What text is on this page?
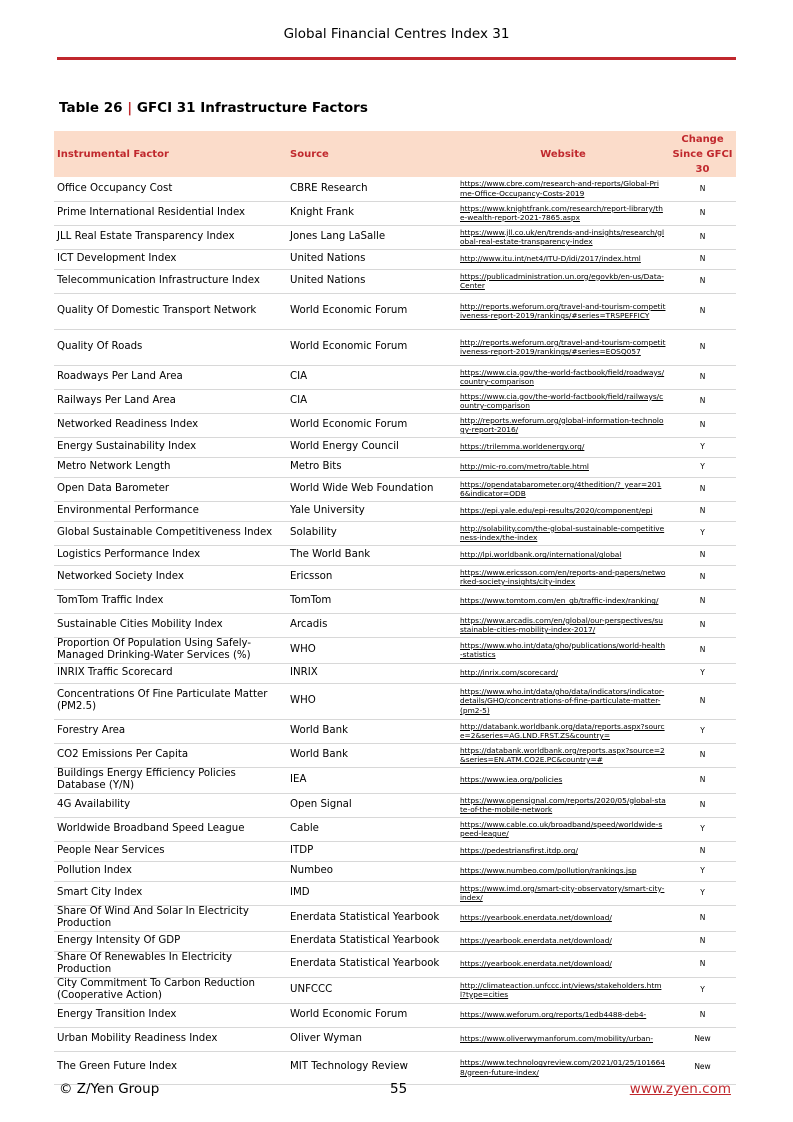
Global Financial Centres Index 31
Table 26 | GFCI 31 Infrastructure Factors
Instrumental Factor	Source	Website	Change Since GFCI 30
Office Occupancy Cost	CBRE Research	https://www.cbre.com/research-and-reports/Global-Prime-Office-Occupancy-Costs-2019	N
Prime International Residential Index	Knight Frank	https://www.knightfrank.com/research/report-library/the-wealth-report-2021-7865.aspx	N
JLL Real Estate Transparency Index	Jones Lang LaSalle	https://www.jll.co.uk/en/trends-and-insights/research/global-real-estate-transparency-index	N
ICT Development Index	United Nations	http://www.itu.int/net4/ITU-D/idi/2017/index.html	N
Telecommunication Infrastructure Index	United Nations	https://publicadministration.un.org/egovkb/en-us/Data-Center	N
Quality Of Domestic Transport Network	World Economic Forum	http://reports.weforum.org/travel-and-tourism-competitiveness-report-2019/rankings/#series=TRSPEFFICY	N
Quality Of Roads	World Economic Forum	http://reports.weforum.org/travel-and-tourism-competitiveness-report-2019/rankings/#series=EOSQ057	N
Roadways Per Land Area	CIA	https://www.cia.gov/the-world-factbook/field/roadways/country-comparison	N
Railways Per Land Area	CIA	https://www.cia.gov/the-world-factbook/field/railways/country-comparison	N
Networked Readiness Index	World Economic Forum	http://reports.weforum.org/global-information-technology-report-2016/	N
Energy Sustainability Index	World Energy Council	https://trilemma.worldenergy.org/	Y
Metro Network Length	Metro Bits	http://mic-ro.com/metro/table.html	Y
Open Data Barometer	World Wide Web Foundation	https://opendatabarometer.org/4thedition/?_year=2016&indicator=ODB	N
Environmental Performance	Yale University	https://epi.yale.edu/epi-results/2020/component/epi	N
Global Sustainable Competitiveness Index	Solability	http://solability.com/the-global-sustainable-competitiveness-index/the-index	Y
Logistics Performance Index	The World Bank	http://lpi.worldbank.org/international/global	N
Networked Society Index	Ericsson	https://www.ericsson.com/en/reports-and-papers/networked-society-insights/city-index	N
TomTom Traffic Index	TomTom	https://www.tomtom.com/en_gb/traffic-index/ranking/	N
Sustainable Cities Mobility Index	Arcadis	https://www.arcadis.com/en/global/our-perspectives/sustainable-cities-mobility-index-2017/	N
Proportion Of Population Using Safely-Managed Drinking-Water Services (%)	WHO	https://www.who.int/data/gho/publications/world-health-statistics	N
INRIX Traffic Scorecard	INRIX	http://inrix.com/scorecard/	Y
Concentrations Of Fine Particulate Matter (PM2.5)	WHO	https://www.who.int/data/gho/data/indicators/indicator-details/GHO/concentrations-of-fine-particulate-matter-(pm2-5)	N
Forestry Area	World Bank	http://databank.worldbank.org/data/reports.aspx?source=2&series=AG.LND.FRST.ZS&country=	Y
CO2 Emissions Per Capita	World Bank	https://databank.worldbank.org/reports.aspx?source=2&series=EN.ATM.CO2E.PC&country=#	N
Buildings Energy Efficiency Policies Database (Y/N)	IEA	https://www.iea.org/policies	N
4G Availability	Open Signal	https://www.opensignal.com/reports/2020/05/global-state-of-the-mobile-network	N
Worldwide Broadband Speed League	Cable	https://www.cable.co.uk/broadband/speed/worldwide-speed-league/	Y
People Near Services	ITDP	https://pedestriansfirst.itdp.org/	N
Pollution Index	Numbeo	https://www.numbeo.com/pollution/rankings.jsp	Y
Smart City Index	IMD	https://www.imd.org/smart-city-observatory/smart-city-index/	Y
Share Of Wind And Solar In Electricity Production	Enerdata Statistical Yearbook	https://yearbook.enerdata.net/download/	N
Energy Intensity Of GDP	Enerdata Statistical Yearbook	https://yearbook.enerdata.net/download/	N
Share Of Renewables In Electricity Production	Enerdata Statistical Yearbook	https://yearbook.enerdata.net/download/	N
City Commitment To Carbon Reduction (Cooperative Action)	UNFCCC	http://climateaction.unfccc.int/views/stakeholders.html?type=cities	Y
Energy Transition Index	World Economic Forum	https://www.weforum.org/reports/1edb4488-deb4-	N
Urban Mobility Readiness Index	Oliver Wyman	https://www.oliverwymanforum.com/mobility/urban-	New
The Green Future Index	MIT Technology Review	https://www.technologyreview.com/2021/01/25/1016648/green-future-index/	New
© Z/Yen Group	55	www.zyen.com
